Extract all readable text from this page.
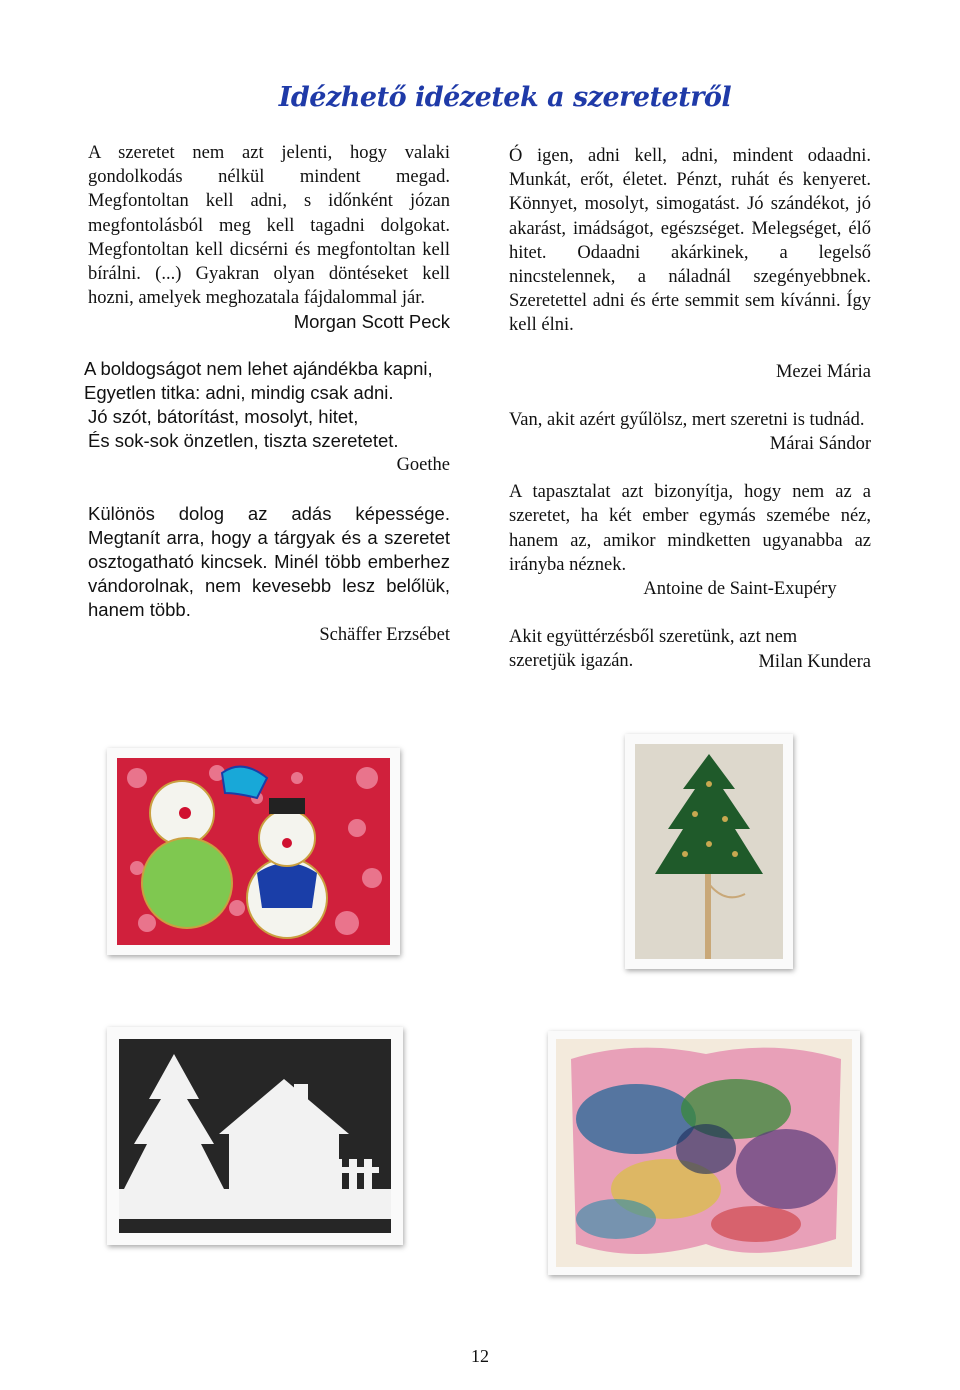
Idézhető idézetek a szeretetről

A szeretet nem azt jelenti, hogy valaki gondolkodás nélkül mindent megad. Megfontoltan kell adni, s időnként józan megfontolásból meg kell tagadni dolgokat. Megfontoltan kell dicsérni és megfontoltan kell bírálni. (...) Gyakran olyan döntéseket kell hozni, amelyek meghozatala fájdalommal jár.

Morgan Scott Peck

A boldogságot nem lehet ajándékba kapni,

Egyetlen titka: adni, mindig csak adni.

Jó szót, bátorítást, mosolyt, hitet,

És sok-sok önzetlen, tiszta szeretetet.

Goethe

Különös dolog az adás képessége. Megtanít arra, hogy a tárgyak és a szeretet osztogatható kincsek. Minél több emberhez vándorolnak, nem kevesebb lesz belőlük, hanem több.

Schäffer Erzsébet

Ó igen, adni kell, adni, mindent odaadni. Munkát, erőt, életet. Pénzt, ruhát és kenyeret. Könnyet, mosolyt, simogatást. Jó szándékot, jó akarást, imádságot, egészséget. Melegséget, élő hitet. Odaadni akárkinek, a legelső nincstelennek, a náladnál szegényebbnek. Szeretettel adni és érte semmit sem kívánni. Így kell élni.

Mezei Mária

Van, akit azért gyűlölsz, mert szeretni is tudnád.

Márai Sándor

A tapasztalat azt bizonyítja, hogy nem az a szeretet, ha két ember egymás szemébe néz, hanem az, amikor mindketten ugyanabba az irányba néznek.

Antoine de Saint-Exupéry

Akit együttérzésből szeretünk, azt nem szeretjük igazán.	Milan Kundera

12
